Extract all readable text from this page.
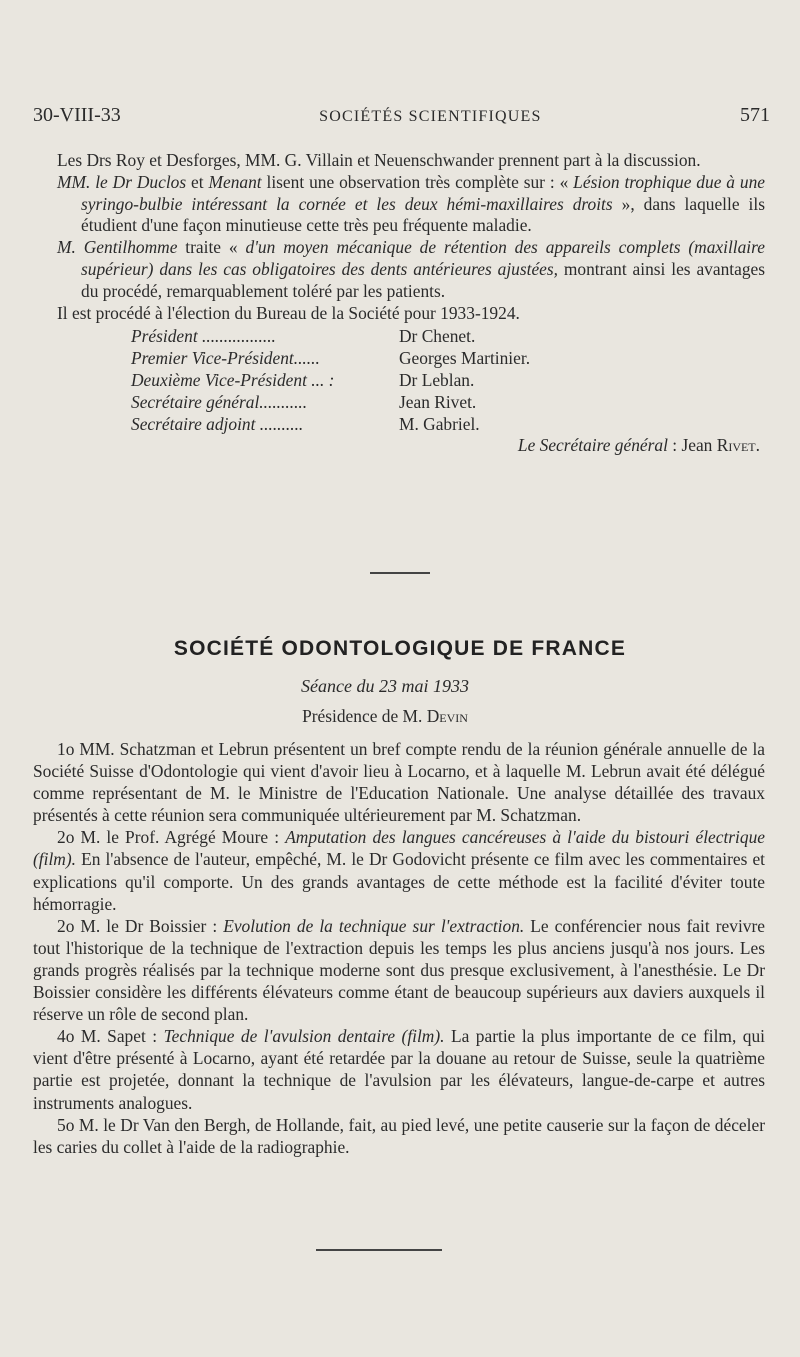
30-VIII-33	SOCIÉTÉS SCIENTIFIQUES	571

Les Drs Roy et Desforges, MM. G. Villain et Neuenschwander prennent part à la discussion.

MM. le Dr Duclos et Menant lisent une observation très complète sur : « Lésion trophique due à une syringo-bulbie intéressant la cornée et les deux hémi-maxillaires droits », dans laquelle ils étudient d'une façon minutieuse cette très peu fréquente maladie.

M. Gentilhomme traite « d'un moyen mécanique de rétention des appareils complets (maxillaire supérieur) dans les cas obligatoires des dents antérieures ajustées, montrant ainsi les avantages du procédé, remarquablement toléré par les patients.

Il est procédé à l'élection du Bureau de la Société pour 1933-1924.

Président .................	Dr Chenet.
Premier Vice-Président......	Georges Martinier.
Deuxième Vice-Président ... :	Dr Leblan.
Secrétaire général...........	Jean Rivet.
Secrétaire adjoint ..........	M. Gabriel.
Le Secrétaire général : Jean Rivet.
SOCIÉTÉ ODONTOLOGIQUE DE FRANCE
Séance du 23 mai 1933
Présidence de M. Devin

1o MM. Schatzman et Lebrun présentent un bref compte rendu de la réunion générale annuelle de la Société Suisse d'Odontologie qui vient d'avoir lieu à Locarno, et à laquelle M. Lebrun avait été délégué comme représentant de M. le Ministre de l'Education Nationale. Une analyse détaillée des travaux présentés à cette réunion sera communiquée ultérieurement par M. Schatzman.

2o M. le Prof. Agrégé Moure : Amputation des langues cancéreuses à l'aide du bistouri électrique (film). En l'absence de l'auteur, empêché, M. le Dr Godovicht présente ce film avec les commentaires et explications qu'il comporte. Un des grands avantages de cette méthode est la facilité d'éviter toute hémorragie.

2o M. le Dr Boissier : Evolution de la technique sur l'extraction. Le conférencier nous fait revivre tout l'historique de la technique de l'extraction depuis les temps les plus anciens jusqu'à nos jours. Les grands progrès réalisés par la technique moderne sont dus presque exclusivement, à l'anesthésie. Le Dr Boissier considère les différents élévateurs comme étant de beaucoup supérieurs aux daviers auxquels il réserve un rôle de second plan.

4o M. Sapet : Technique de l'avulsion dentaire (film). La partie la plus importante de ce film, qui vient d'être présenté à Locarno, ayant été retardée par la douane au retour de Suisse, seule la quatrième partie est projetée, donnant la technique de l'avulsion par les élévateurs, langue-de-carpe et autres instruments analogues.

5o M. le Dr Van den Bergh, de Hollande, fait, au pied levé, une petite causerie sur la façon de déceler les caries du collet à l'aide de la radiographie.
